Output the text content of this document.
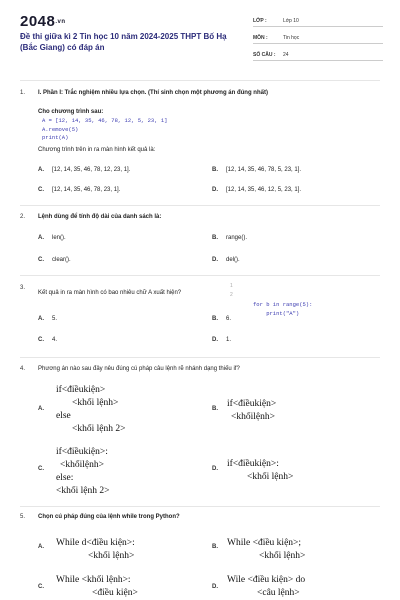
2048.vn
Đề thi giữa kì 2 Tin học 10 năm 2024-2025 THPT Bố Hạ (Bắc Giang) có đáp án
LỚP :	Lớp 10
MÔN :	Tin học
SỐ CÂU :	24
1. I. Phần I: Trắc nghiệm nhiều lựa chọn. (Thí sinh chọn một phương án đúng nhất)
Cho chương trình sau:
A = [12, 14, 35, 46, 78, 12, 5, 23, 1]
A.remove(5)
print(A)
Chương trình trên in ra màn hình kết quả là:
A.	[12, 14, 35, 46, 78, 12, 23, 1].	B.	[12, 14, 35, 46, 78, 5, 23, 1].
C.	[12, 14, 35, 46, 78, 23, 1].	D.	[12, 14, 35, 46, 12, 5, 23, 1].
2. Lệnh dùng để tính độ dài của danh sách là:
A.	len().	B.	range().
C.	clear().	D.	del().
3.
Kết quả in ra màn hình có bao nhiêu chữ A xuất hiện?
1
2

for b in range(5):
print("A")

A.	5.	B.	6.
C.	4.	D.	1.
4. Phương án nào sau đây nêu đúng cú pháp câu lệnh rẽ nhánh dạng thiếu if?
A.
if<điềukiện>
<khối lệnh>
else
<khối lệnh 2>
B. if<điềukiện>
<khốilệnh>
C.
if<điềukiện>:
<khốilệnh>
else:
<khối lệnh 2>
D. if<điềukiện>:
<khối lệnh>
5. Chọn cú pháp đúng của lệnh while trong Python?
A. While d<điều kiện>:
<khối lệnh>
B. While <điều kiện>;
<khối lệnh>
C.
While <khối lệnh>:
<điều kiện>
D.
Wile <điều kiện> do
<câu lệnh>
